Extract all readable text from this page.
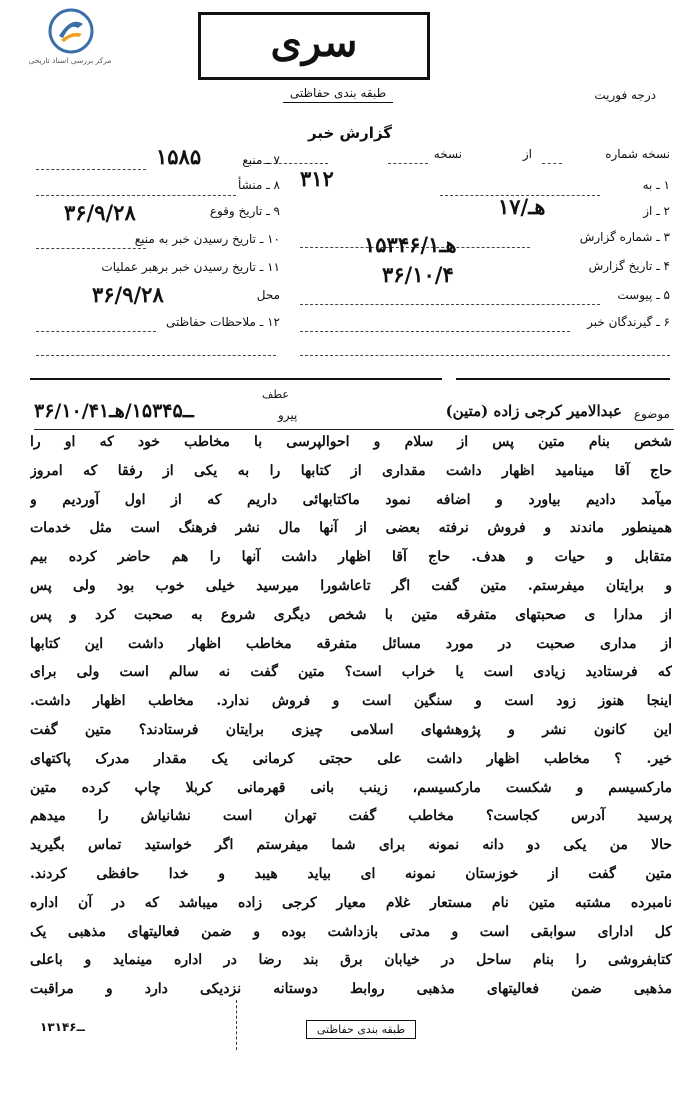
مرکز بررسی اسناد تاریخی	سری
طبقه بندی حفاظتی	درجه فوریت
گزارش خبر
نسخه شماره
از
نسخه
۱ ـ به
۳۱۲
۲ ـ از
۱۷/هـ
۳ ـ شماره گزارش
۴ ـ تاریخ گزارش
۱۵۳۴۶/هـ۱
۳۶/۱۰/۴
۵ ـ پیوست
۶ ـ گیرندگان خبر
۷ ـ منبع
۱۵۸۵
۸ ـ منشأ
۹ ـ تاریخ وقوع
۳۶/۹/۲۸
۱۰ ـ تاریخ رسیدن خبر به منبع
۱۱ ـ تاریخ رسیدن خبر برهبر عملیات
محل
۳۶/۹/۲۸
۱۲ ـ ملاحظات حفاظتی
موضوع
عبدالامیر کرجی زاده (متین)
عطف
پیرو
۳۶/۱۰/۴ــ۱۵۳۴۵/هـ۱
شخص بنام متین پس از سلام و احوالپرسی با مخاطب خود که او را
حاج آقا مینامید اظهار داشت مقداری از کتابها را به یکی از رفقا که امروز
میآمد دادیم بیاورد و اضافه نمود ماکتابهائی داریم که از اول آوردیم و
همینطور ماندند و فروش نرفته بعضی از آنها مال نشر فرهنگ است مثل خدمات
متقابل و حیات و هدف. حاج آقا اظهار داشت آنها را هم حاضر کرده بیم
و برایتان میفرستم. متین گفت اگر تاعاشورا میرسید خیلی خوب بود ولی پس
از مدارا ی صحبتهای متفرقه متین با شخص دیگری شروع به صحبت کرد و پس
از مداری صحبت در مورد مسائل متفرقه مخاطب اظهار داشت این کتابها
که فرستادید زیادی است یا خراب است؟ متین گفت نه سالم است ولی برای
اینجا هنوز زود است و سنگین است و فروش ندارد. مخاطب اظهار داشت.
این کانون نشر و پژوهشهای اسلامی چیزی برایتان فرستادند؟ متین گفت
خیر. ؟ مخاطب اظهار داشت علی حجتی کرمانی یک مقدار مدرک پاکتهای
مارکسیسم و شکست مارکسیسم، زینب بانی قهرمانی کربلا چاپ کرده متین
پرسید آدرس کجاست؟ مخاطب گفت تهران است نشانیاش را میدهم
حالا من یکی دو دانه نمونه برای شما میفرستم اگر خواستید تماس بگیرید
متین گفت از خوزستان نمونه ای بیاید هیبد و خدا حافظی کردند.
نامبرده مشتبه متین نام مستعار غلام معیار کرجی زاده میباشد که در آن اداره
کل ادارای سوابقی است و مدتی بازداشت بوده و ضمن فعالیتهای مذهبی یک
کتابفروشی را بنام ساحل در خیابان برق بند رضا در اداره مینماید و باعلی
مذهبی ضمن فعالیتهای مذهبی روابط دوستانه نزدیکی دارد و مراقبت
طبقه بندی حفاظتی
۱۳۱ــ۴۶
